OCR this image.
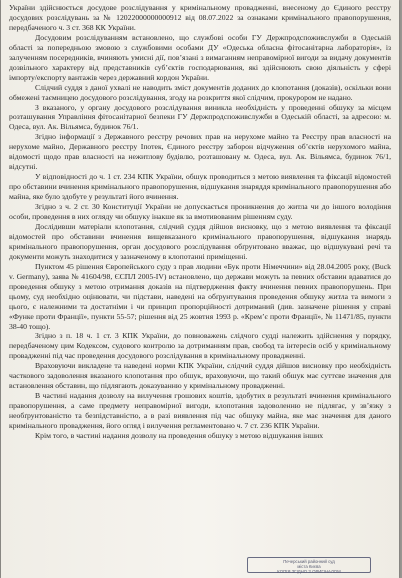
України здійснюється досудове розслідування у кримінальному провадженні, внесеному до Єдиного реєстру досудових розслідувань за № 12022000000000912 від 08.07.2022 за ознаками кримінального правопорушення, передбаченого ч. 3 ст. 368 КК України.

Досудовим розслідуванням встановлено, що службові особи ГУ Держпродспоживслужби в Одеській області за попередньою змовою з службовими особами ДУ «Одеська обласна фітосанітарна лабораторія», із залученням посередників, вчиняють умисні дії, пов’язані з вимаганням неправомірної вигоди за видачу документів дозвільного характеру від представників суб’єктів господарювання, які здійснюють свою діяльність у сфері імпорту/експорту вантажів через державний кордон України.

Слідчий суддя з даної ухвалі не наводить зміст документів доданих до клопотання (доказів), оскільки вони обмежені таємницею досудового розслідування, згоду на розкриття якої слідчим, прокурором не надано.

З вказаного, у органу досудового розслідування виникла необхідність у проведенні обшуку за місцем розташування Управління фітосанітарної безпеки ГУ Держпродспоживслужби в Одеській області, за адресою: м. Одеса, вул. Ак. Вільямса, будинок 76/1.

Згідно інформації з Державного реєстру речових прав на нерухоме майно та Реєстру прав власності на нерухоме майно, Державного реєстру Іпотек, Єдиного реєстру заборон відчуження об’єктів нерухомого майна, відомості щодо прав власності на нежитлову будівлю, розташовану м. Одеса, вул. Ак. Вільямса, будинок 76/1, відсутні.

У відповідності до ч. 1 ст. 234 КПК України, обшук проводиться з метою виявлення та фіксації відомостей про обставини вчинення кримінального правопорушення, відшукання знаряддя кримінального правопорушення або майна, яке було здобуте у результаті його вчинення.

Згідно з ч. 2 ст. 30 Конституції України не допускається проникнення до житла чи до іншого володіння особи, проведення в них огляду чи обшуку інакше як за вмотивованим рішенням суду.

Дослідивши матеріали клопотання, слідчий суддя дійшов висновку, що з метою виявлення та фіксації відомостей про обставини вчинення вищевказаного кримінального правопорушення, відшукання знарядь кримінального правопорушення, орган досудового розслідування обґрунтовано вважає, що відшукувані речі та документи можуть знаходитися у зазначеному в клопотанні приміщенні.

Пунктом 45 рішення Європейського суду з прав людини «Бук проти Німеччини» від 28.04.2005 року, (Buck v. Germany), заява № 41604/98, ЄСПЛ 2005-IV) встановлено, що держави можуть за певних обставин вдаватися до проведення обшуку з метою отримання доказів на підтвердження факту вчинення певних правопорушень. При цьому, суд необхідно оцінювати, чи підстави, наведені на обґрунтування проведення обшуку житла та вимоги з цього, є належними та достатніми і чи принцип пропорційності дотриманий (див. зазначене рішення у справі «Функе проти Франції», пункти 55-57; рішення від 25 жовтня 1993 р. «Кремʼє проти Франції», № 11471/85, пункти 38-40 тощо).

Згідно з п. 18 ч. 1 ст. 3 КПК України, до повноважень слідчого судді належить здійснення у порядку, передбаченому цим Кодексом, судового контролю за дотриманням прав, свобод та інтересів осіб у кримінальному провадженні під час проведення досудового розслідування в кримінальному провадженні.

Враховуючи викладене та наведені норми КПК України, слідчий суддя дійшов висновку про необхідність часткового задоволення вказаного клопотання про обшук, враховуючи, що такий обшук має суттєве значення для встановлення обставин, що підлягають доказуванню у кримінальному провадженні.

В частині надання дозволу на вилучення грошових коштів, здобутих в результаті вчинення кримінального правопорушення, а саме предмету неправомірної вигоди, клопотання задоволенню не підлягає, у зв’язку з необґрунтованістю та безпідставністю, а в разі виявлення під час обшуку майна, яке має значення для даного кримінального провадження, його огляд і вилучення регламентовано ч. 7 ст. 236 КПК України.

Крім того, в частині надання дозволу на проведення обшуку з метою відшукання інших

Печерський районний суд
міста Києва
КОПІЯ ЗГІДНО З ОРИГІНАЛОМ
